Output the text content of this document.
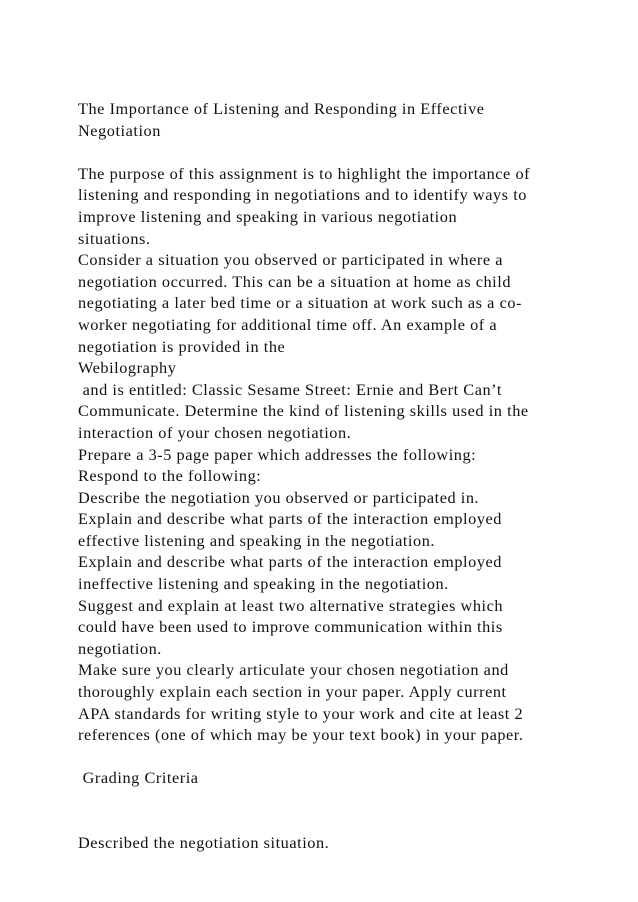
The Importance of Listening and Responding in Effective
Negotiation
The purpose of this assignment is to highlight the importance of
listening and responding in negotiations and to identify ways to
improve listening and speaking in various negotiation
situations.
Consider a situation you observed or participated in where a
negotiation occurred. This can be a situation at home as child
negotiating a later bed time or a situation at work such as a co-
worker negotiating for additional time off. An example of a
negotiation is provided in the
Webilography
and is entitled: Classic Sesame Street: Ernie and Bert Can’t
Communicate. Determine the kind of listening skills used in the
interaction of your chosen negotiation.
Prepare a 3-5 page paper which addresses the following:
Respond to the following:
Describe the negotiation you observed or participated in.
Explain and describe what parts of the interaction employed
effective listening and speaking in the negotiation.
Explain and describe what parts of the interaction employed
ineffective listening and speaking in the negotiation.
Suggest and explain at least two alternative strategies which
could have been used to improve communication within this
negotiation.
Make sure you clearly articulate your chosen negotiation and
thoroughly explain each section in your paper. Apply current
APA standards for writing style to your work and cite at least 2
references (one of which may be your text book) in your paper.
Grading Criteria
Described the negotiation situation.
